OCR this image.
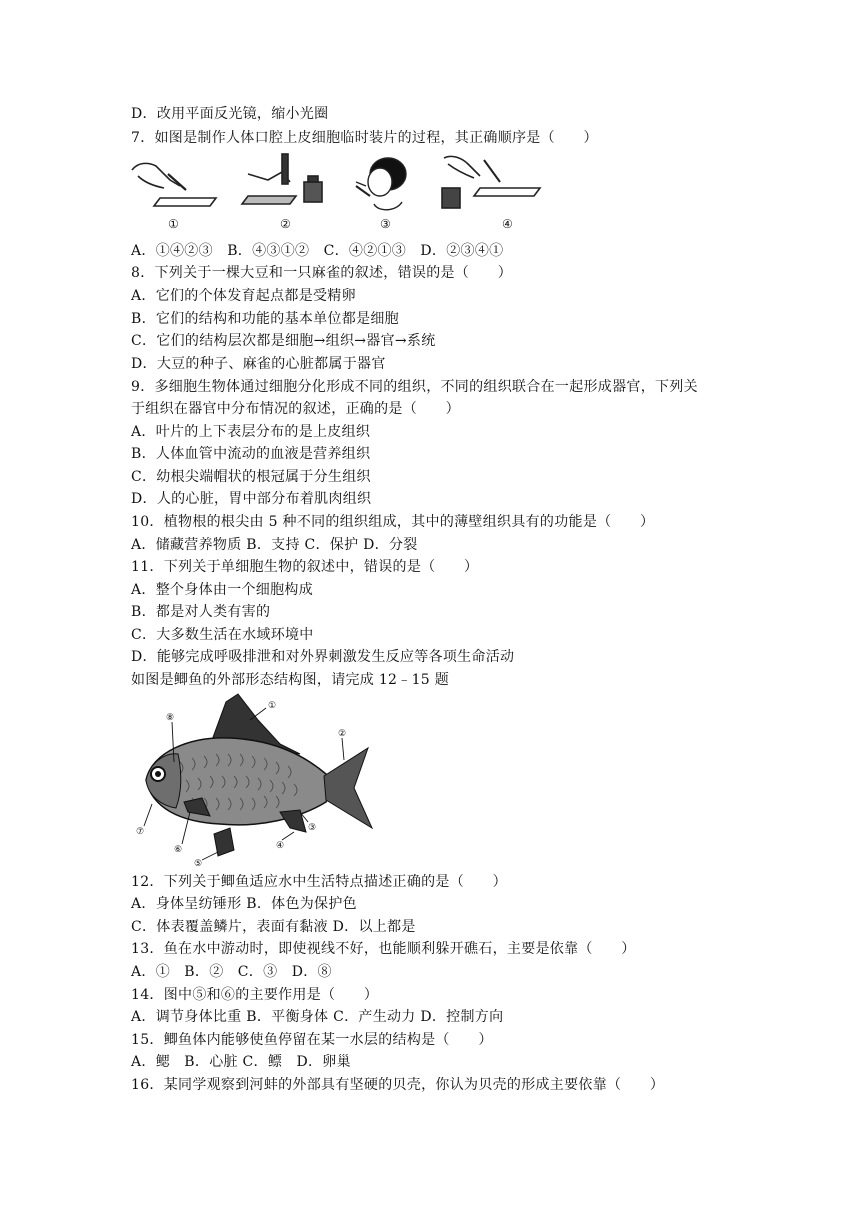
D．改用平面反光镜，缩小光圈
7．如图是制作人体口腔上皮细胞临时装片的过程，其正确顺序是（　　）
①	②	③	④
A．①④②③　B．④③①②　C．④②①③　D．②③④①
8．下列关于一棵大豆和一只麻雀的叙述，错误的是（　　）
A．它们的个体发育起点都是受精卵
B．它们的结构和功能的基本单位都是细胞
C．它们的结构层次都是细胞→组织→器官→系统
D．大豆的种子、麻雀的心脏都属于器官
9．多细胞生物体通过细胞分化形成不同的组织，不同的组织联合在一起形成器官，下列关
于组织在器官中分布情况的叙述，正确的是（　　）
A．叶片的上下表层分布的是上皮组织
B．人体血管中流动的血液是营养组织
C．幼根尖端帽状的根冠属于分生组织
D．人的心脏，胃中部分布着肌肉组织
10．植物根的根尖由 5 种不同的组织组成，其中的薄壁组织具有的功能是（　　）
A．储藏营养物质 B．支持 C．保护 D．分裂
11．下列关于单细胞生物的叙述中，错误的是（　　）
A．整个身体由一个细胞构成
B．都是对人类有害的
C．大多数生活在水域环境中
D．能够完成呼吸排泄和对外界刺激发生反应等各项生命活动
如图是鲫鱼的外部形态结构图，请完成 12﹣15 题
⑧
①
②
③
④
⑥
⑤
⑦
12．下列关于鲫鱼适应水中生活特点描述正确的是（　　）
A．身体呈纺锤形 B．体色为保护色
C．体表覆盖鳞片，表面有黏液 D．以上都是
13．鱼在水中游动时，即使视线不好，也能顺利躲开礁石，主要是依靠（　　）
A．①　B．②　C．③　D．⑧
14．图中⑤和⑥的主要作用是（　　）
A．调节身体比重 B．平衡身体 C．产生动力 D．控制方向
15．鲫鱼体内能够使鱼停留在某一水层的结构是（　　）
A．鳃　B．心脏 C．鳔　D．卵巢
16．某同学观察到河蚌的外部具有坚硬的贝壳，你认为贝壳的形成主要依靠（　　）
